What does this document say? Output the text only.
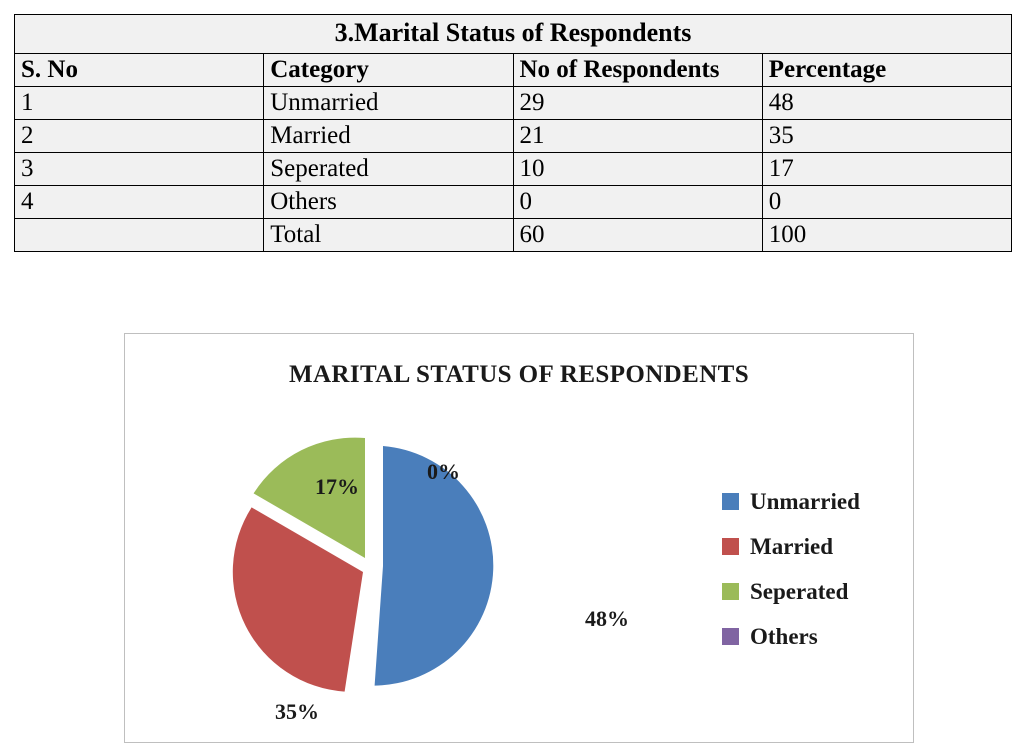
3.Marital Status of Respondents			
S. No	Category	No of Respondents	Percentage
1	Unmarried	29	48
2	Married	21	35
3	Seperated	10	17
4	Others	0	0
	Total	60	100
MARITAL STATUS OF RESPONDENTS
48%
35%
17%
0%
Unmarried
Married
Seperated
Others
